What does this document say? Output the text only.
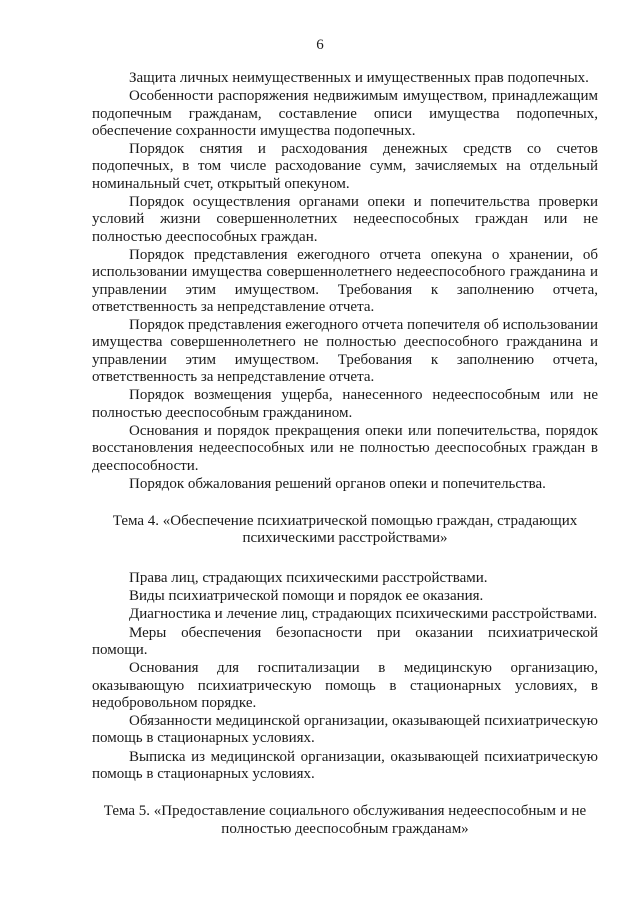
6

Защита личных неимущественных и имущественных прав подопечных.

Особенности распоряжения недвижимым имуществом, принадлежащим подопечным гражданам, составление описи имущества подопечных, обеспечение сохранности имущества подопечных.

Порядок снятия и расходования денежных средств со счетов подопечных, в том числе расходование сумм, зачисляемых на отдельный номинальный счет, открытый опекуном.

Порядок осуществления органами опеки и попечительства проверки условий жизни совершеннолетних недееспособных граждан или не полностью дееспособных граждан.

Порядок представления ежегодного отчета опекуна о хранении, об использовании имущества совершеннолетнего недееспособного гражданина и управлении этим имуществом. Требования к заполнению отчета, ответственность за непредставление отчета.

Порядок представления ежегодного отчета попечителя об использовании имущества совершеннолетнего не полностью дееспособного гражданина и управлении этим имуществом. Требования к заполнению отчета, ответственность за непредставление отчета.

Порядок возмещения ущерба, нанесенного недееспособным или не полностью дееспособным гражданином.

Основания и порядок прекращения опеки или попечительства, порядок восстановления недееспособных или не полностью дееспособных граждан в дееспособности.

Порядок обжалования решений органов опеки и попечительства.

Тема 4. «Обеспечение психиатрической помощью граждан, страдающих
психическими расстройствами»

Права лиц, страдающих психическими расстройствами.

Виды психиатрической помощи и порядок ее оказания.

Диагностика и лечение лиц, страдающих психическими расстройствами.

Меры обеспечения безопасности при оказании психиатрической помощи.

Основания для госпитализации в медицинскую организацию, оказывающую психиатрическую помощь в стационарных условиях, в недобровольном порядке.

Обязанности медицинской организации, оказывающей психиатрическую помощь в стационарных условиях.

Выписка из медицинской организации, оказывающей психиатрическую помощь в стационарных условиях.

Тема 5. «Предоставление социального обслуживания недееспособным и не
полностью дееспособным гражданам»
